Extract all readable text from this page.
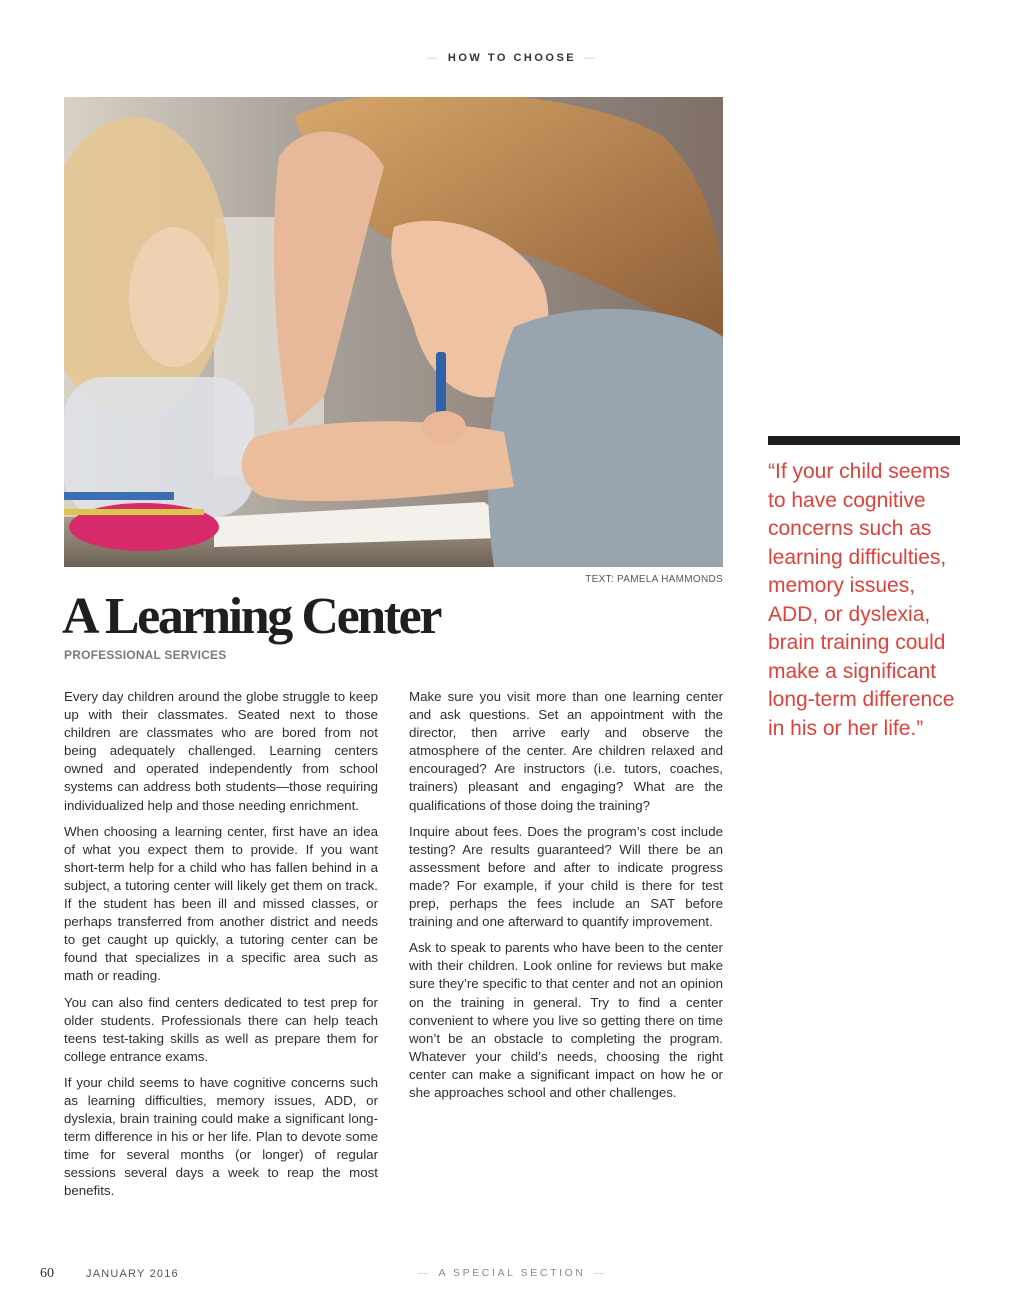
— HOW TO CHOOSE —
TEXT: PAMELA HAMMONDS
A Learning Center
PROFESSIONAL SERVICES

Every day children around the globe struggle to keep up with their classmates. Seated next to those children are classmates who are bored from not being adequately challenged. Learning centers owned and operated independently from school systems can address both students—those requiring individualized help and those needing enrichment.

When choosing a learning center, first have an idea of what you expect them to provide. If you want short-term help for a child who has fallen behind in a subject, a tutoring center will likely get them on track. If the student has been ill and missed classes, or perhaps transferred from another district and needs to get caught up quickly, a tutoring center can be found that specializes in a specific area such as math or reading.

You can also find centers dedicated to test prep for older students. Professionals there can help teach teens test-taking skills as well as prepare them for college entrance exams.

If your child seems to have cognitive concerns such as learning difficulties, memory issues, ADD, or dyslexia, brain training could make a significant long-term difference in his or her life. Plan to devote some time for several months (or longer) of regular sessions several days a week to reap the most benefits.

Make sure you visit more than one learning center and ask questions. Set an appointment with the director, then arrive early and observe the atmosphere of the center. Are children relaxed and encouraged? Are instructors (i.e. tutors, coaches, trainers) pleasant and engaging? What are the qualifications of those doing the training?

Inquire about fees. Does the program’s cost include testing? Are results guaranteed? Will there be an assessment before and after to indicate progress made? For example, if your child is there for test prep, perhaps the fees include an SAT before training and one afterward to quantify improvement.

Ask to speak to parents who have been to the center with their children. Look online for reviews but make sure they’re specific to that center and not an opinion on the training in general. Try to find a center convenient to where you live so getting there on time won’t be an obstacle to completing the program. Whatever your child’s needs, choosing the right center can make a significant impact on how he or she approaches school and other challenges.

“If your child seems to have cognitive concerns such as learning difficulties, memory issues, ADD, or dyslexia, brain training could make a significant long-term difference in his or her life.”
60	JANUARY 2016	— A SPECIAL SECTION —
